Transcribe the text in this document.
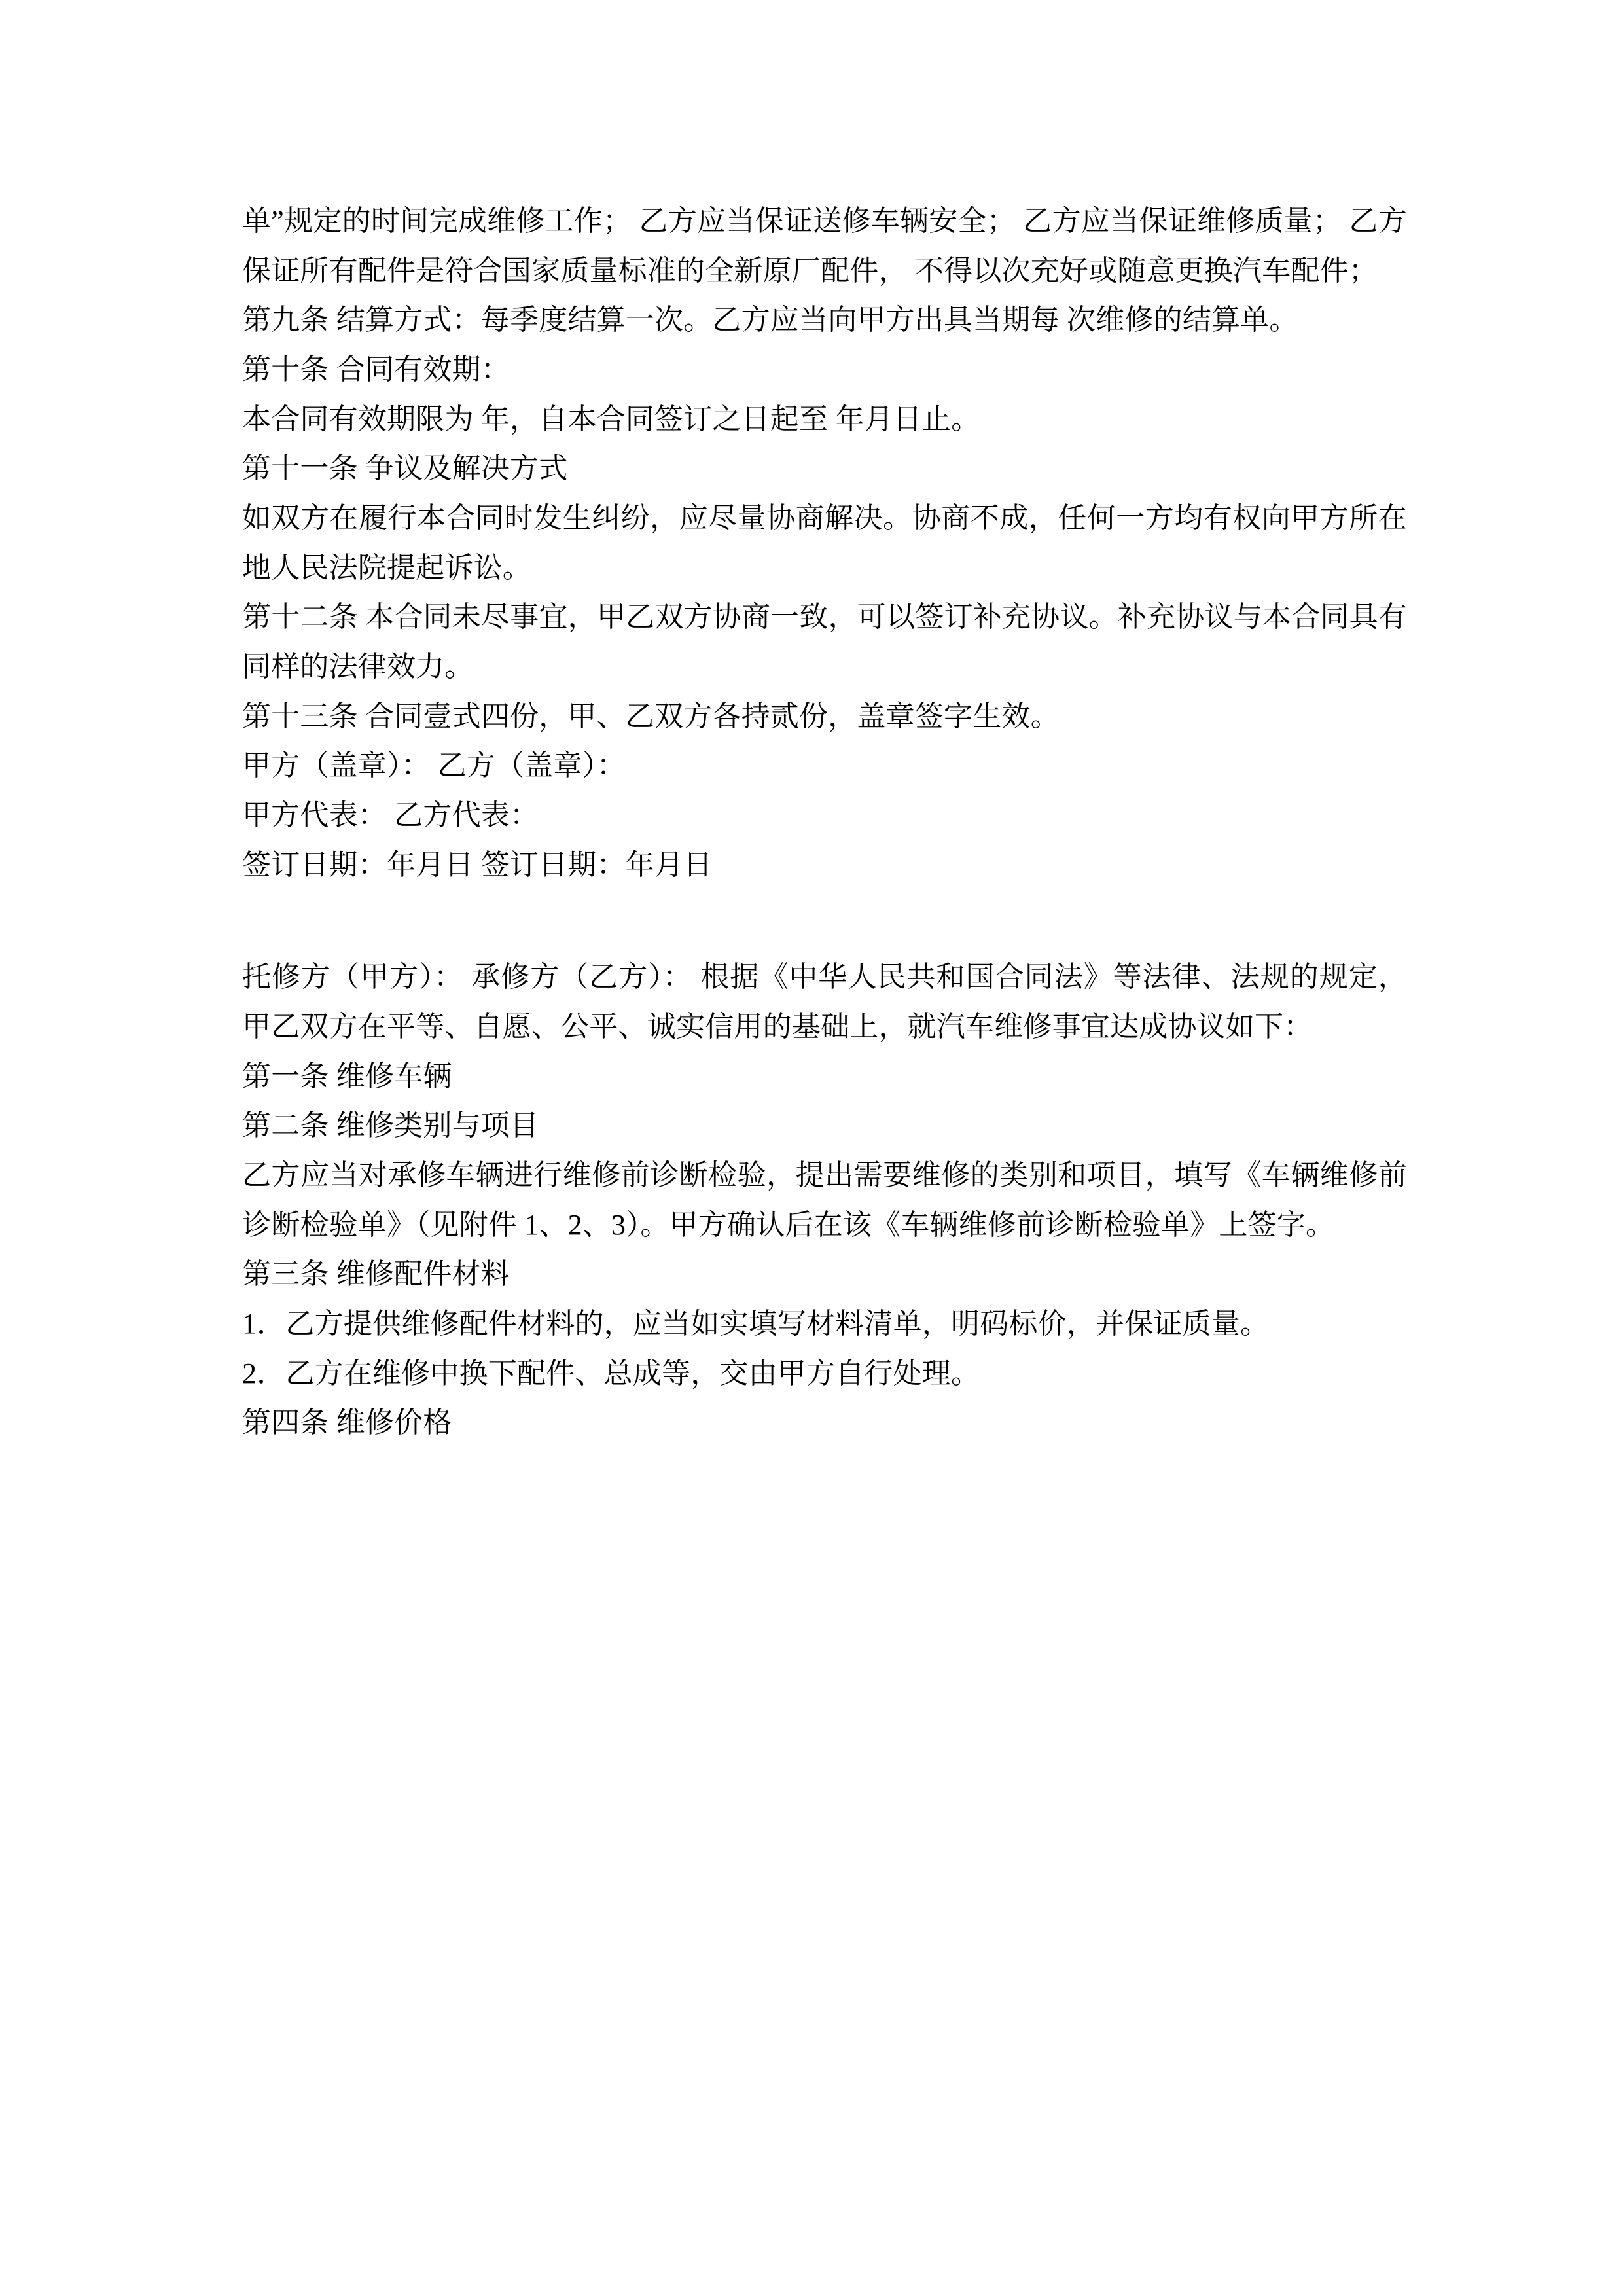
单”规定的时间完成维修工作； 乙方应当保证送修车辆安全； 乙方应当保证维修质量； 乙方保证所有配件是符合国家质量标准的全新原厂配件， 不得以次充好或随意更换汽车配件；

第九条 结算方式：每季度结算一次。乙方应当向甲方出具当期每 次维修的结算单。

第十条 合同有效期：

本合同有效期限为 年，自本合同签订之日起至 年月日止。

第十一条 争议及解决方式

如双方在履行本合同时发生纠纷，应尽量协商解决。协商不成，任何一方均有权向甲方所在地人民法院提起诉讼。

第十二条 本合同未尽事宜，甲乙双方协商一致，可以签订补充协议。补充协议与本合同具有同样的法律效力。

第十三条 合同壹式四份，甲、乙双方各持贰份，盖章签字生效。

甲方（盖章）： 乙方（盖章）：

甲方代表： 乙方代表：

签订日期：年月日 签订日期：年月日

托修方（甲方）： 承修方（乙方）： 根据《中华人民共和国合同法》等法律、法规的规定，甲乙双方在平等、自愿、公平、诚实信用的基础上，就汽车维修事宜达成协议如下：

第一条 维修车辆

第二条 维修类别与项目

乙方应当对承修车辆进行维修前诊断检验，提出需要维修的类别和项目，填写《车辆维修前诊断检验单》（见附件 1、2、3）。甲方确认后在该《车辆维修前诊断检验单》上签字。

第三条 维修配件材料

1．乙方提供维修配件材料的，应当如实填写材料清单，明码标价，并保证质量。

2．乙方在维修中换下配件、总成等，交由甲方自行处理。

第四条 维修价格
